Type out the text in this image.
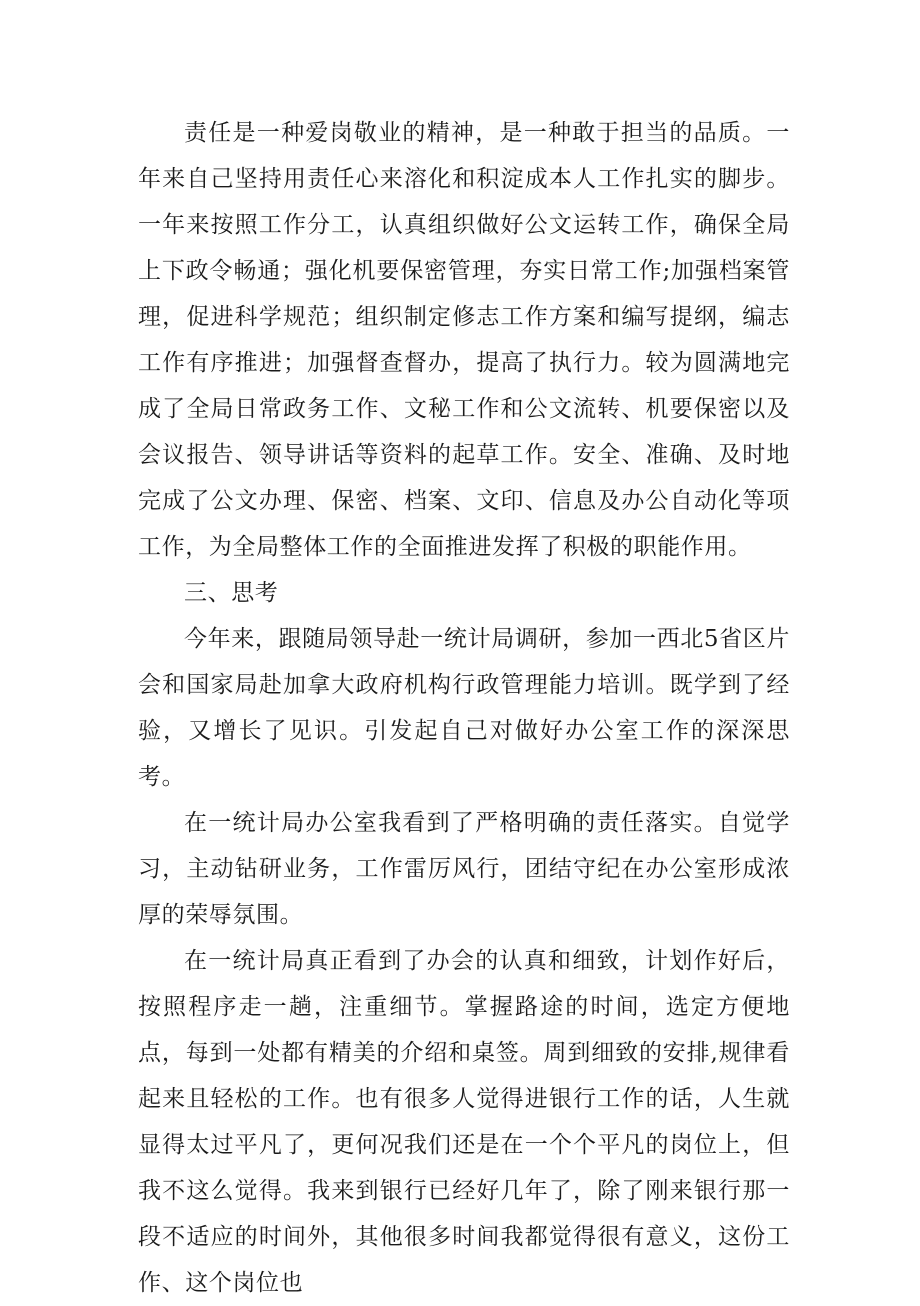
责任是一种爱岗敬业的精神，是一种敢于担当的品质。一年来自己坚持用责任心来溶化和积淀成本人工作扎实的脚步。一年来按照工作分工，认真组织做好公文运转工作，确保全局上下政令畅通；强化机要保密管理，夯实日常工作;加强档案管理，促进科学规范；组织制定修志工作方案和编写提纲，编志工作有序推进；加强督查督办，提高了执行力。较为圆满地完成了全局日常政务工作、文秘工作和公文流转、机要保密以及会议报告、领导讲话等资料的起草工作。安全、准确、及时地完成了公文办理、保密、档案、文印、信息及办公自动化等项工作，为全局整体工作的全面推进发挥了积极的职能作用。

三、思考

今年来，跟随局领导赴一统计局调研，参加一西北5省区片会和国家局赴加拿大政府机构行政管理能力培训。既学到了经验，又增长了见识。引发起自己对做好办公室工作的深深思考。

在一统计局办公室我看到了严格明确的责任落实。自觉学习，主动钻研业务，工作雷厉风行，团结守纪在办公室形成浓厚的荣辱氛围。

在一统计局真正看到了办会的认真和细致，计划作好后，按照程序走一趟，注重细节。掌握路途的时间，选定方便地点，每到一处都有精美的介绍和桌签。周到细致的安排,规律看起来且轻松的工作。也有很多人觉得进银行工作的话，人生就显得太过平凡了，更何况我们还是在一个个平凡的岗位上，但我不这么觉得。我来到银行已经好几年了，除了刚来银行那一段不适应的时间外，其他很多时间我都觉得很有意义，这份工作、这个岗位也
